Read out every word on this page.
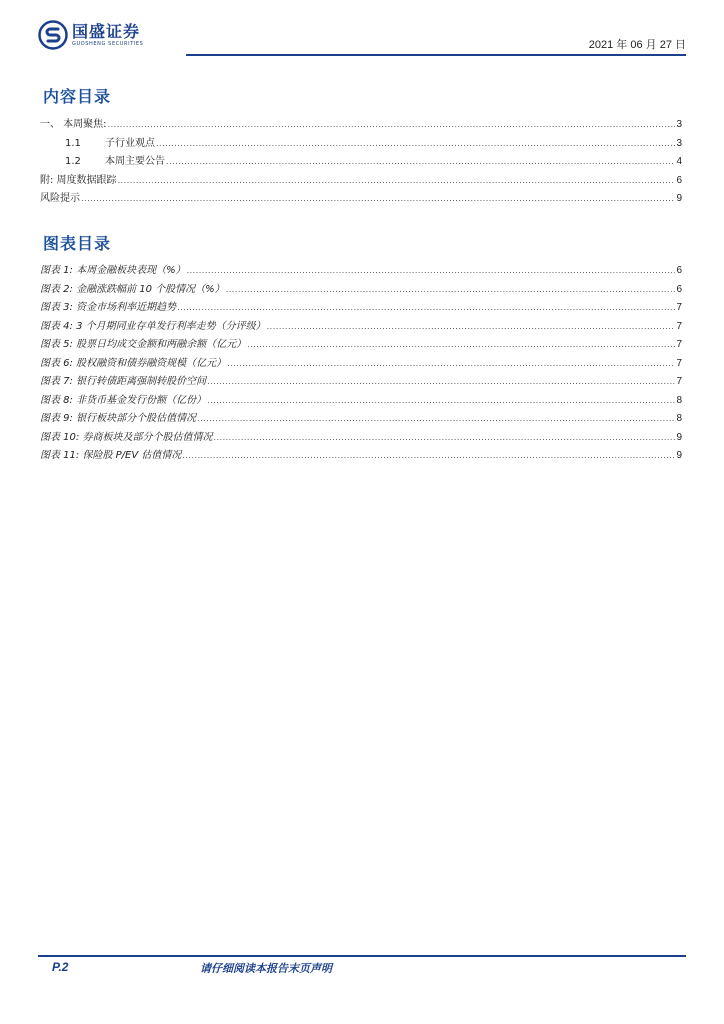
国盛证券
GUOSHENG SECURITIES	2021 年 06 月 27 日
内容目录
一、 本周聚焦: .....	3
1.1	子行业观点 .....	3
1.2	本周主要公告 .....	4
附: 周度数据跟踪 .....	6
风险提示 .....	9
图表目录
图表 1: 本周金融板块表现（%） .....	6
图表 2: 金融涨跌幅前 10 个股情况（%） .....	6
图表 3: 资金市场利率近期趋势 .....	7
图表 4: 3 个月期同业存单发行利率走势（分评级） .....	7
图表 5: 股票日均成交金额和两融余额（亿元） .....	7
图表 6: 股权融资和债券融资规模（亿元） .....	7
图表 7: 银行转债距离强制转股价空间 .....	7
图表 8: 非货币基金发行份额（亿份） .....	8
图表 9: 银行板块部分个股估值情况 .....	8
图表 10: 券商板块及部分个股估值情况 .....	9
图表 11: 保险股 P/EV 估值情况 .....	9
P.2	请仔细阅读本报告末页声明
